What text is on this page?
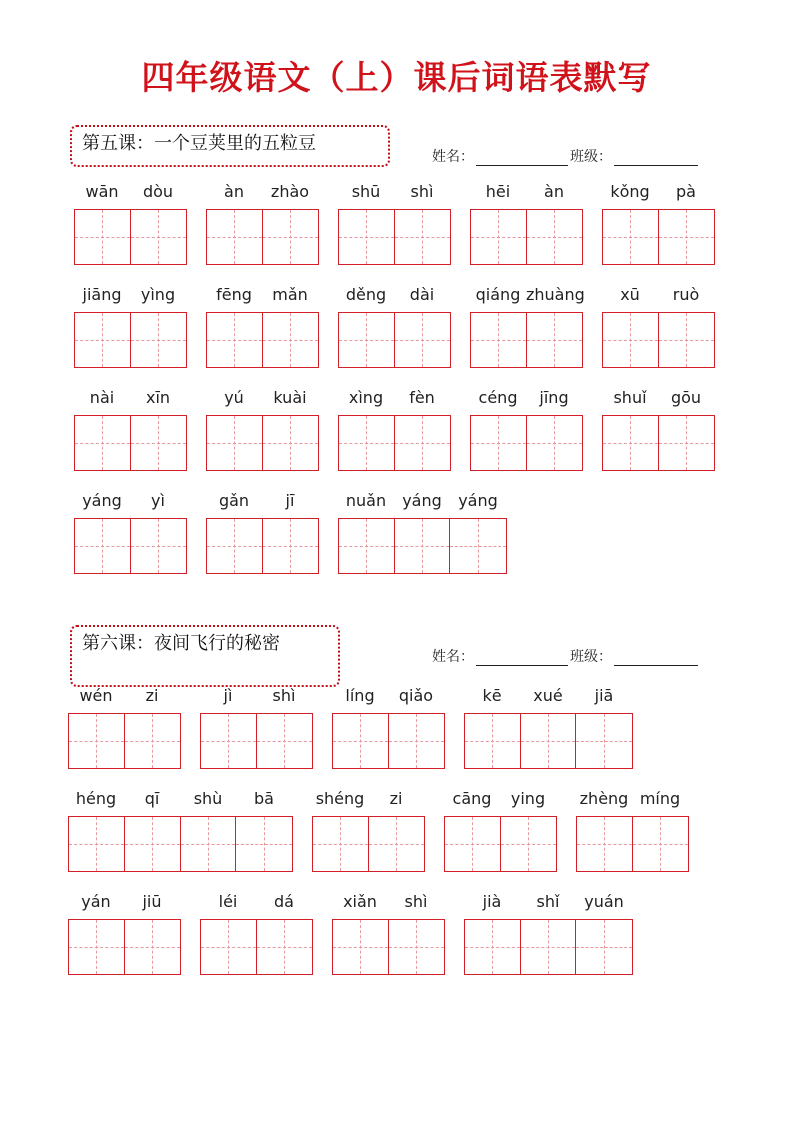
四年级语文（上）课后词语表默写
第五课：一个豆荚里的五粒豆
姓名：	班级：
wān	dòu	àn	zhào	shū	shì	hēi	àn	kǒng	pà
jiāng	yìng	fēng	mǎn	děng	dài	qiáng zhuàng	xū	ruò
nài	xīn	yú	kuài	xìng	fèn	céng	jīng	shuǐ	gōu
yáng	yì	gǎn	jī	nuǎn	yáng	yáng
第六课：夜间飞行的秘密
姓名：	班级：
wén	zi	jì	shì	líng	qiǎo	kē	xué	jiā
héng	qī	shù	bā	shéng	zi	cāng	ying	zhèng míng
yán	jiū	léi	dá	xiǎn	shì	jià	shǐ	yuán
